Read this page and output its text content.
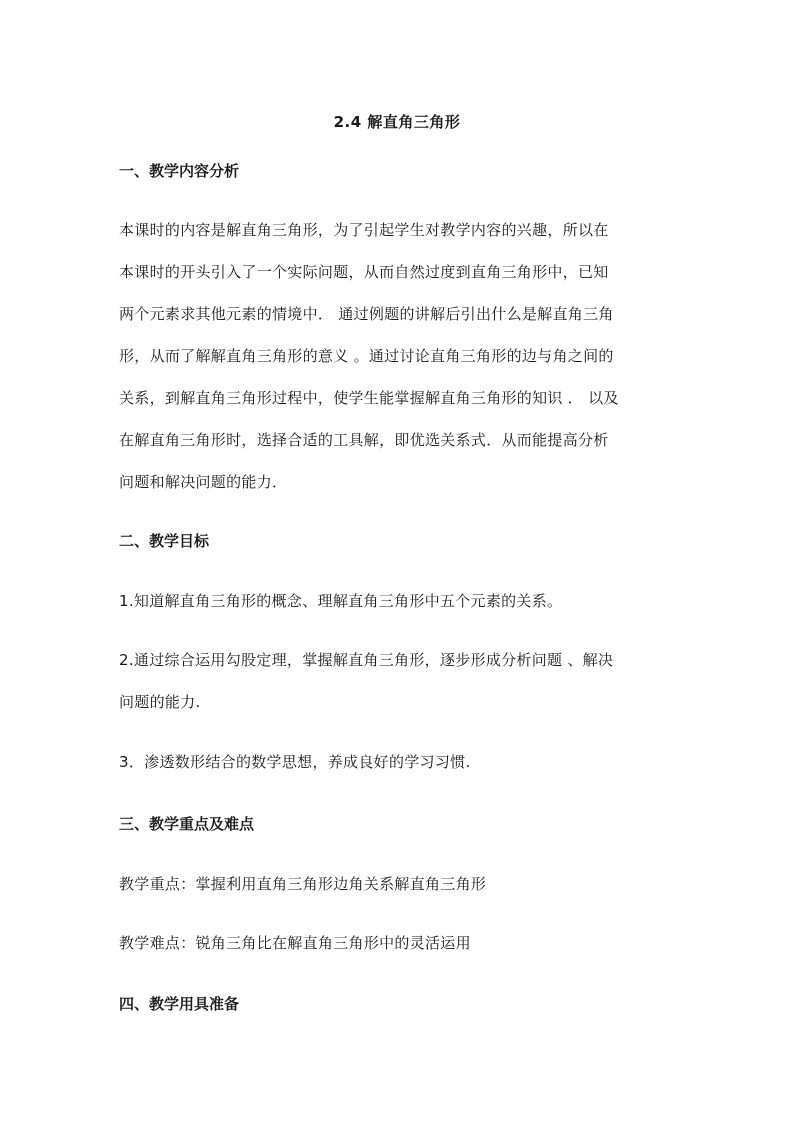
2.4 解直角三角形
一、教学内容分析
本课时的内容是解直角三角形，为了引起学生对教学内容的兴趣，所以在
本课时的开头引入了一个实际问题，从而自然过度到直角三角形中，已知
两个元素求其他元素的情境中． 通过例题的讲解后引出什么是解直角三角
形，从而了解解直角三角形的意义 。通过讨论直角三角形的边与角之间的
关系，到解直角三角形过程中，使学生能掌握解直角三角形的知识 ． 以及
在解直角三角形时，选择合适的工具解，即优选关系式．从而能提高分析
问题和解决问题的能力．
二、教学目标
1.知道解直角三角形的概念、理解直角三角形中五个元素的关系。
2.通过综合运用勾股定理，掌握解直角三角形，逐步形成分析问题 、解决
问题的能力.
3．渗透数形结合的数学思想，养成良好的学习习惯.
三、教学重点及难点
教学重点：掌握利用直角三角形边角关系解直角三角形
教学难点：锐角三角比在解直角三角形中的灵活运用
四、教学用具准备
